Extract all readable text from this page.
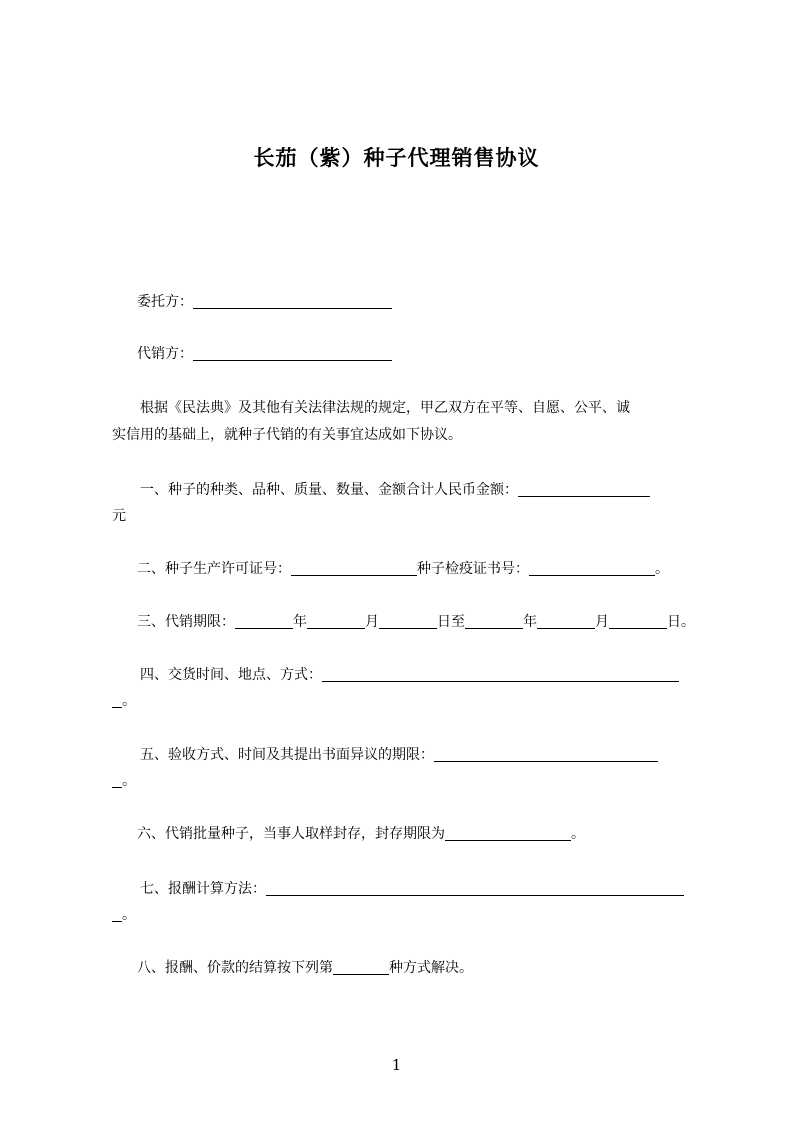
长茄（紫）种子代理销售协议
委托方：
代销方：
根据《民法典》及其他有关法律法规的规定，甲乙双方在平等、自愿、公平、诚
实信用的基础上，就种子代销的有关事宜达成如下协议。
一、种子的种类、品种、质量、数量、金额合计人民币金额：
元
二、种子生产许可证号：	种子检疫证书号：	。
三、代销期限：	年	月	日至	年	月	日。
四、交货时间、地点、方式：
。
五、验收方式、时间及其提出书面异议的期限：
。
六、代销批量种子，当事人取样封存，封存期限为	。
七、报酬计算方法：
。
八、报酬、价款的结算按下列第	种方式解决。
1
